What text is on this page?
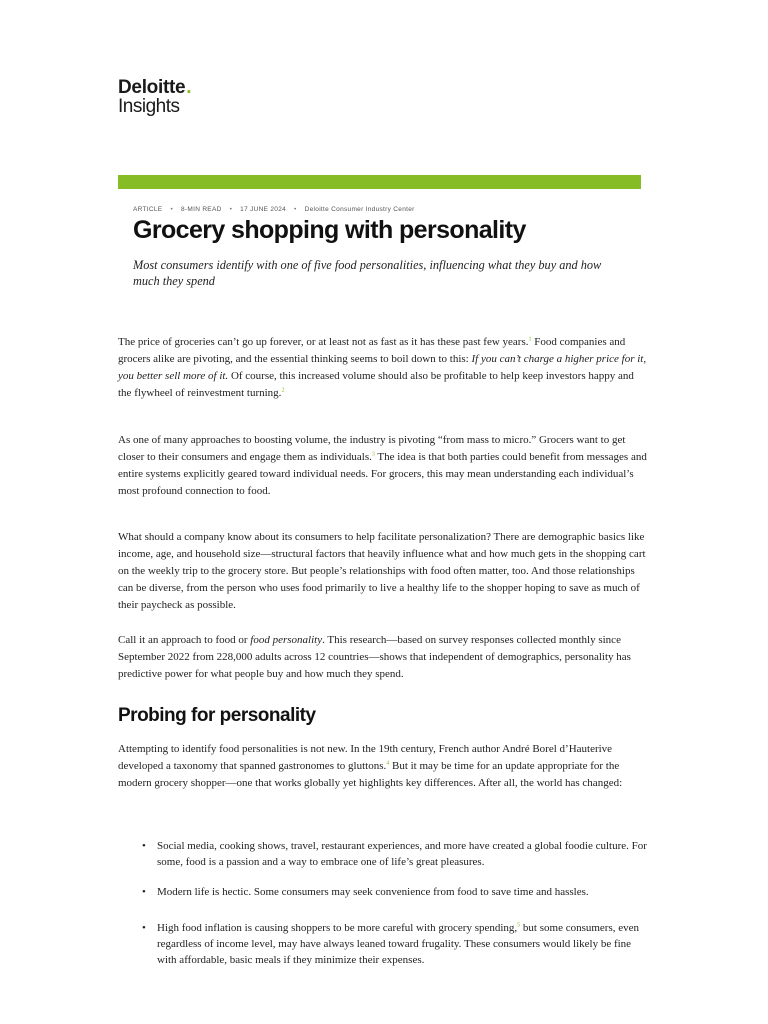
Deloitte .
Insights
ARTICLE • 8-MIN READ • 17 JUNE 2024 • Deloitte Consumer Industry Center
Grocery shopping with personality

Most consumers identify with one of five food personalities, influencing what they buy and how much they spend

The price of groceries can’t go up forever, or at least not as fast as it has these past few years.$^1$ Food companies and grocers alike are pivoting, and the essential thinking seems to boil down to this: If you can’t charge a higher price for it, you better sell more of it. Of course, this increased volume should also be profitable to help keep investors happy and the flywheel of reinvestment turning.$^2$

As one of many approaches to boosting volume, the industry is pivoting “from mass to micro.” Grocers want to get closer to their consumers and engage them as individuals.$^3$ The idea is that both parties could benefit from messages and entire systems explicitly geared toward individual needs. For grocers, this may mean understanding each individual’s most profound connection to food.

What should a company know about its consumers to help facilitate personalization? There are demographic basics like income, age, and household size—structural factors that heavily influence what and how much gets in the shopping cart on the weekly trip to the grocery store. But people’s relationships with food often matter, too. And those relationships can be diverse, from the person who uses food primarily to live a healthy life to the shopper hoping to save as much of their paycheck as possible.

Call it an approach to food or food personality. This research—based on survey responses collected monthly since September 2022 from 228,000 adults across 12 countries—shows that independent of demographics, personality has predictive power for what people buy and how much they spend.

Probing for personality

Attempting to identify food personalities is not new. In the 19th century, French author André Borel d’Hauterive developed a taxonomy that spanned gastronomes to gluttons.$^4$ But it may be time for an update appropriate for the modern grocery shopper—one that works globally yet highlights key differences. After all, the world has changed:

• Social media, cooking shows, travel, restaurant experiences, and more have created a global foodie culture. For some, food is a passion and a way to embrace one of life’s great pleasures.
• Modern life is hectic. Some consumers may seek convenience from food to save time and hassles.
• High food inflation is causing shoppers to be more careful with grocery spending,$^5$ but some consumers, even regardless of income level, may have always leaned toward frugality. These consumers would likely be fine with affordable, basic meals if they minimize their expenses.
